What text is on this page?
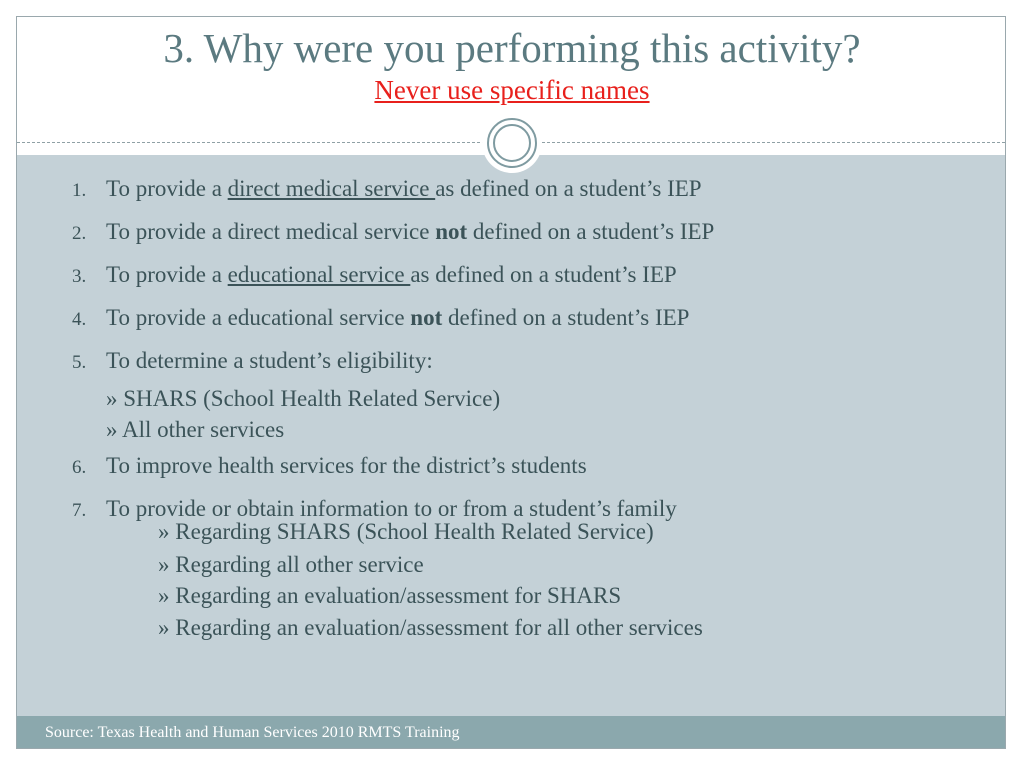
3. Why were you performing this activity?
Never use specific names
1. To provide a direct medical service as defined on a student’s IEP
2. To provide a direct medical service not defined on a student’s IEP
3. To provide a educational service as defined on a student’s IEP
4. To provide a educational service not defined on a student’s IEP
5. To determine a student’s eligibility:
» SHARS (School Health Related Service)
» All other services
6. To improve health services for the district’s students
7. To provide or obtain information to or from a student’s family
» Regarding SHARS (School Health Related Service)
» Regarding all other service
» Regarding an evaluation/assessment for SHARS
» Regarding an evaluation/assessment for all other services
Source: Texas Health and Human Services 2010 RMTS Training
